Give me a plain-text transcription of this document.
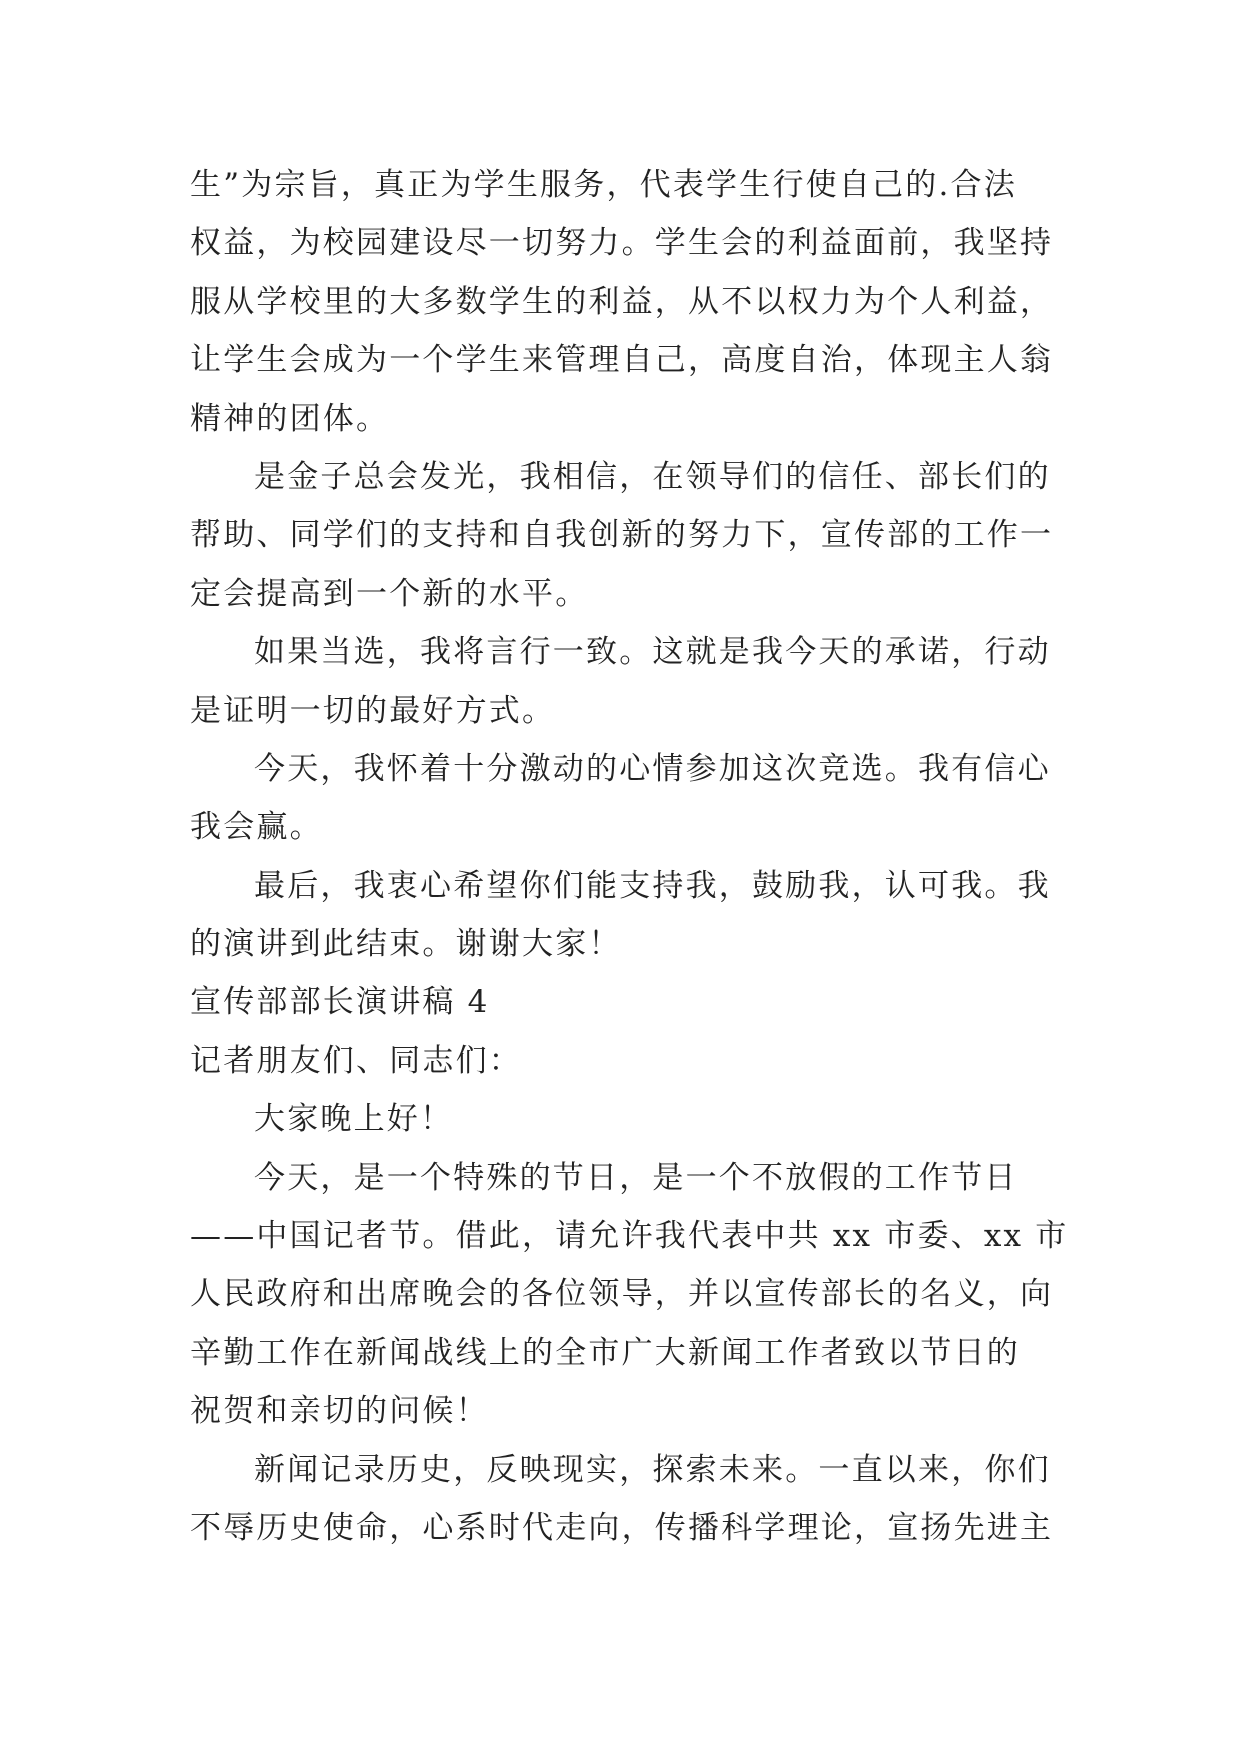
生”为宗旨，真正为学生服务，代表学生行使自己的.合法
权益，为校园建设尽一切努力。学生会的利益面前，我坚持
服从学校里的大多数学生的利益，从不以权力为个人利益，
让学生会成为一个学生来管理自己，高度自治，体现主人翁
精神的团体。
是金子总会发光，我相信，在领导们的信任、部长们的
帮助、同学们的支持和自我创新的努力下，宣传部的工作一
定会提高到一个新的水平。
如果当选，我将言行一致。这就是我今天的承诺，行动
是证明一切的最好方式。
今天，我怀着十分激动的心情参加这次竞选。我有信心
我会赢。
最后，我衷心希望你们能支持我，鼓励我，认可我。我
的演讲到此结束。谢谢大家！
宣传部部长演讲稿 4
记者朋友们、同志们：
大家晚上好！
今天，是一个特殊的节日，是一个不放假的工作节日
——中国记者节。借此，请允许我代表中共 xx 市委、xx 市
人民政府和出席晚会的各位领导，并以宣传部长的名义，向
辛勤工作在新闻战线上的全市广大新闻工作者致以节日的
祝贺和亲切的问候！
新闻记录历史，反映现实，探索未来。一直以来，你们
不辱历史使命，心系时代走向，传播科学理论，宣扬先进主
